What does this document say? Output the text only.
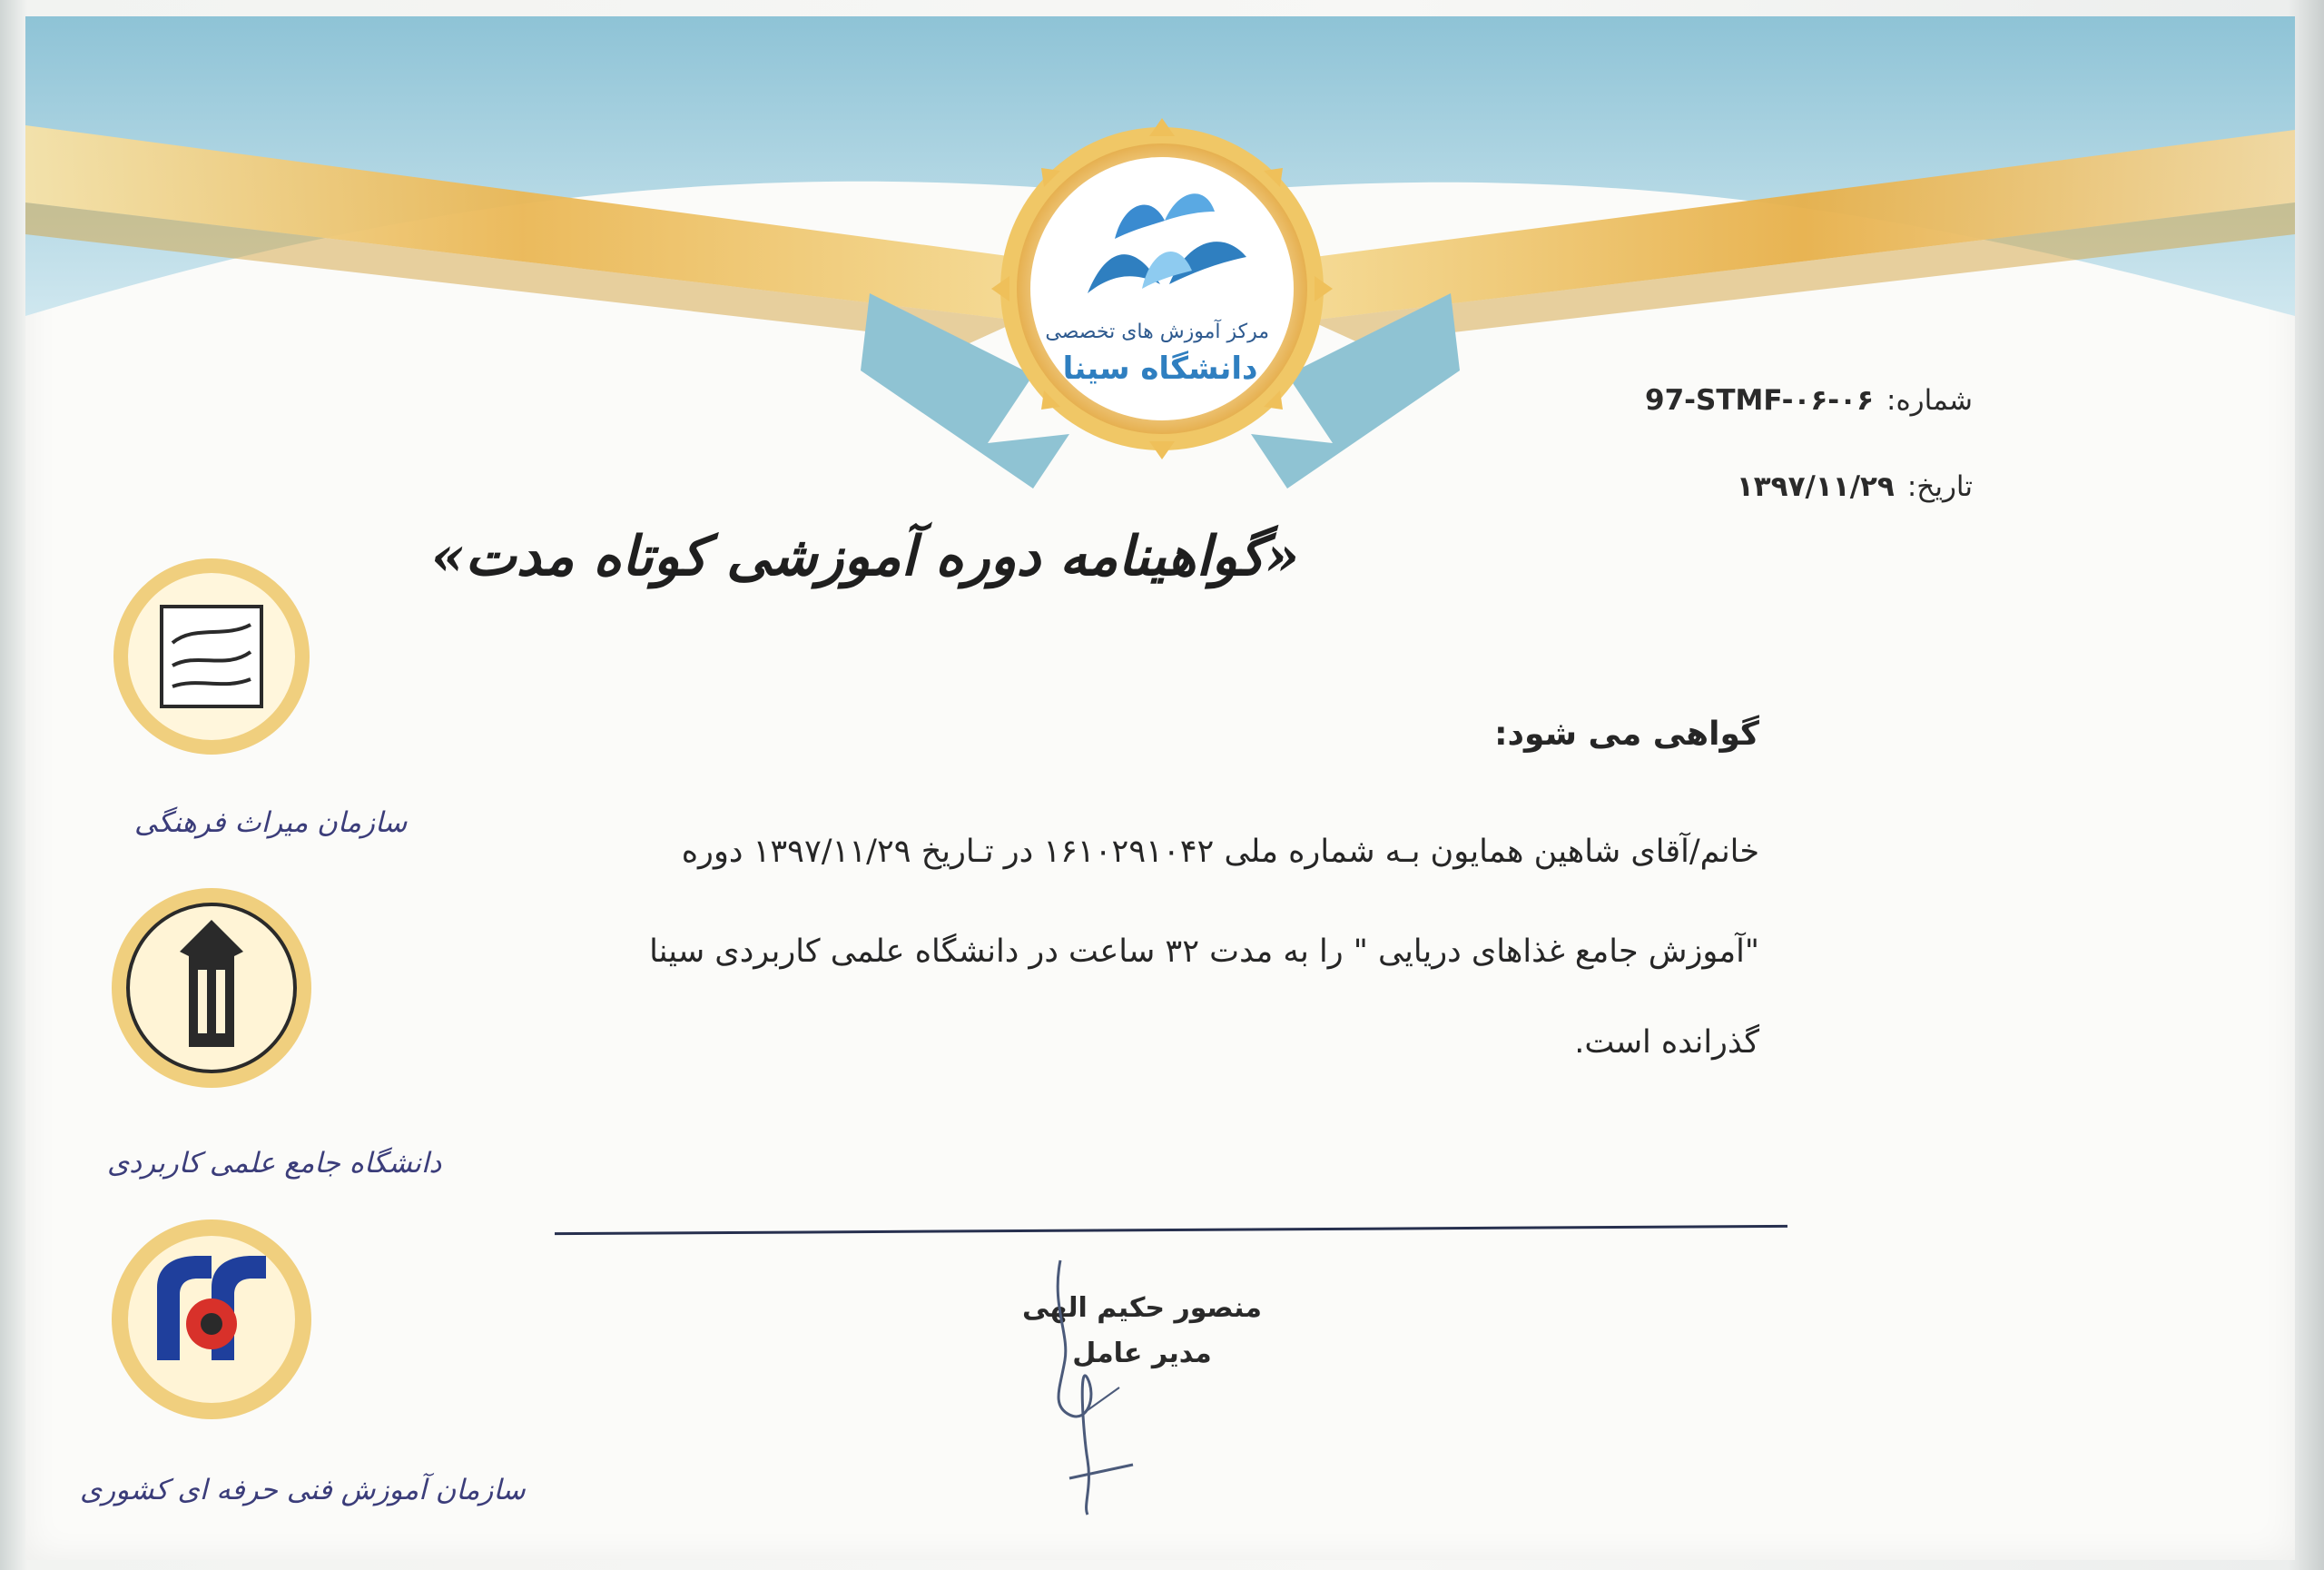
مرکز آموزش های تخصصی
دانشگاه سینا
شماره:
97-STMF-۰۶-۰۶
تاریخ:
۱۳۹۷/۱۱/۲۹
«گواهینامه دوره آموزشی کوتاه مدت»
گواهی می شود:
خانم/آقای شاهین همایون بـه شماره ملی ۱۶۱۰۲۹۱۰۴۲ در تـاریخ ۱۳۹۷/۱۱/۲۹ دوره
"آموزش جامع غذاهای دریایی " را به مدت ۳۲ ساعت در دانشگاه علمی کاربردی سینا
گذرانده است.
منصور حکیم الهی
مدیر عامل
سازمان میراث فرهنگی
دانشگاه جامع علمی کاربردی
سازمان آموزش فنی حرفه ای کشوری
